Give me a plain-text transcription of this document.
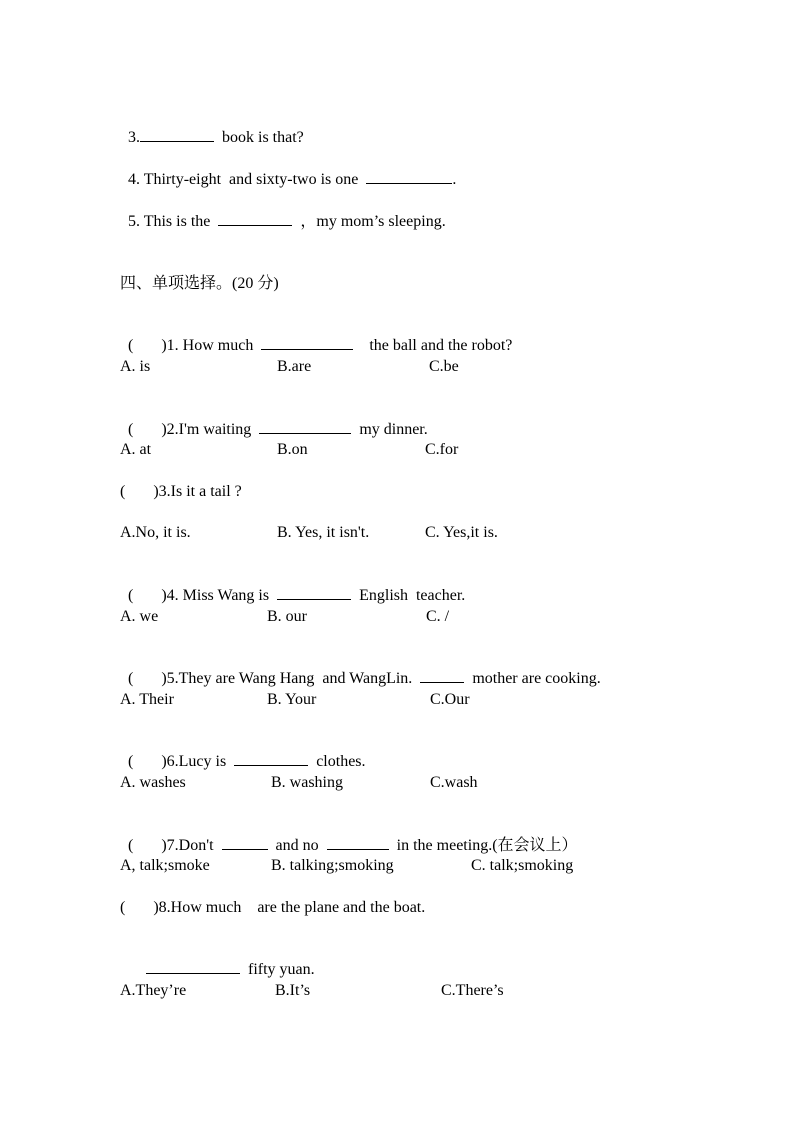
3.	book is that?

4. Thirty-eight  and sixty-two is one	.

5. This is the	，my mom’s sleeping.

四、单项选择。(20 分)

(       )1. How much	the ball and the robot?

A. is	B.are	C.be

(       )2.I'm waiting	my dinner.

A. at	B.on	C.for
(       )3.Is it a tail ?
A.No, it is.	B. Yes, it isn't.	C. Yes,it is.

(       )4. Miss Wang is	English  teacher.

A. we	B. our	C. /

(       )5.They are Wang Hang  and WangLin.	mother are cooking.

A. Their	B. Your	C.Our

(       )6.Lucy is	clothes.

A. washes	B. washing	C.wash

(       )7.Don't	and no	in the meeting.(在会议上）

A, talk;smoke	B. talking;smoking	C. talk;smoking
(       )8.How much    are the plane and the boat.

fifty yuan.

A.They’re	B.It’s	C.There’s
